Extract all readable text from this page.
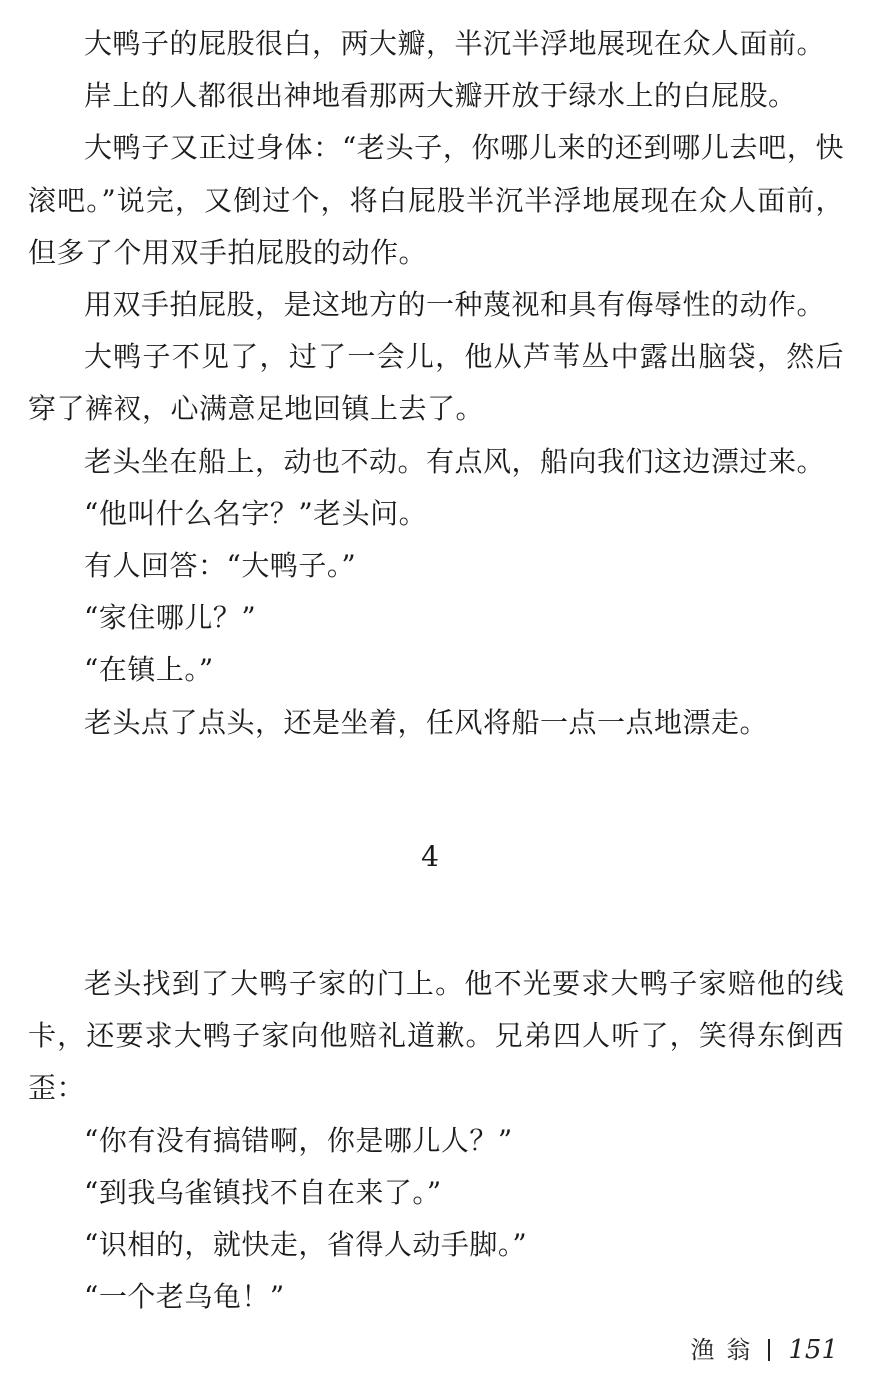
大鸭子的屁股很白，两大瓣，半沉半浮地展现在众人面前。

岸上的人都很出神地看那两大瓣开放于绿水上的白屁股。

大鸭子又正过身体：“老头子，你哪儿来的还到哪儿去吧，快滚吧。”说完，又倒过个，将白屁股半沉半浮地展现在众人面前，但多了个用双手拍屁股的动作。

用双手拍屁股，是这地方的一种蔑视和具有侮辱性的动作。

大鸭子不见了，过了一会儿，他从芦苇丛中露出脑袋，然后穿了裤衩，心满意足地回镇上去了。

老头坐在船上，动也不动。有点风，船向我们这边漂过来。

“他叫什么名字？”老头问。

有人回答：“大鸭子。”

“家住哪儿？”

“在镇上。”

老头点了点头，还是坐着，任风将船一点一点地漂走。

老头找到了大鸭子家的门上。他不光要求大鸭子家赔他的线卡，还要求大鸭子家向他赔礼道歉。兄弟四人听了，笑得东倒西歪：

“你有没有搞错啊，你是哪儿人？”

“到我乌雀镇找不自在来了。”

“识相的，就快走，省得人动手脚。”

“一个老乌龟！”

4
渔翁 151
